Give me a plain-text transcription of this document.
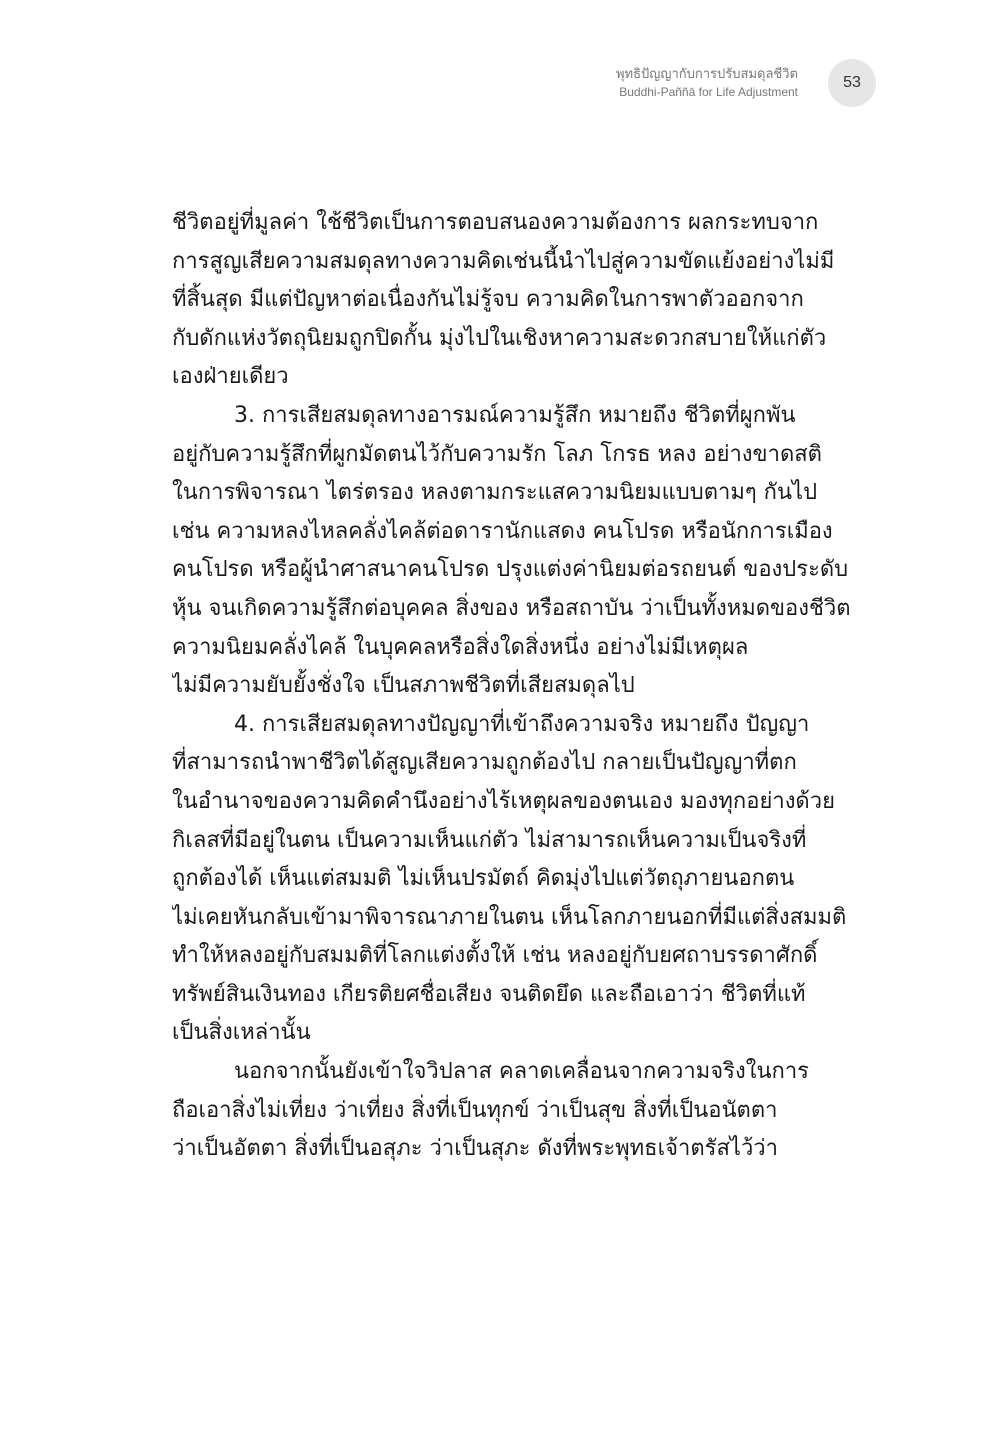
พุทธิปัญญากับการปรับสมดุลชีวิต
Buddhi-Paññā for Life Adjustment
53
ชีวิตอยู่ที่มูลค่า ใช้ชีวิตเป็นการตอบสนองความต้องการ ผลกระทบจาก
การสูญเสียความสมดุลทางความคิดเช่นนี้นำไปสู่ความขัดแย้งอย่างไม่มี
ที่สิ้นสุด มีแต่ปัญหาต่อเนื่องกันไม่รู้จบ ความคิดในการพาตัวออกจาก
กับดักแห่งวัตถุนิยมถูกปิดกั้น มุ่งไปในเชิงหาความสะดวกสบายให้แก่ตัว
เองฝ่ายเดียว
3. การเสียสมดุลทางอารมณ์ความรู้สึก หมายถึง ชีวิตที่ผูกพัน
อยู่กับความรู้สึกที่ผูกมัดตนไว้กับความรัก โลภ โกรธ หลง อย่างขาดสติ
ในการพิจารณา ไตร่ตรอง หลงตามกระแสความนิยมแบบตามๆ กันไป
เช่น ความหลงไหลคลั่งไคล้ต่อดารานักแสดง คนโปรด หรือนักการเมือง
คนโปรด หรือผู้นำศาสนาคนโปรด ปรุงแต่งค่านิยมต่อรถยนต์ ของประดับ
หุ้น จนเกิดความรู้สึกต่อบุคคล สิ่งของ หรือสถาบัน ว่าเป็นทั้งหมดของชีวิต
ความนิยมคลั่งไคล้ ในบุคคลหรือสิ่งใดสิ่งหนึ่ง อย่างไม่มีเหตุผล
ไม่มีความยับยั้งชั่งใจ เป็นสภาพชีวิตที่เสียสมดุลไป
4. การเสียสมดุลทางปัญญาที่เข้าถึงความจริง หมายถึง ปัญญา
ที่สามารถนำพาชีวิตได้สูญเสียความถูกต้องไป กลายเป็นปัญญาที่ตก
ในอำนาจของความคิดคำนึงอย่างไร้เหตุผลของตนเอง มองทุกอย่างด้วย
กิเลสที่มีอยู่ในตน เป็นความเห็นแก่ตัว ไม่สามารถเห็นความเป็นจริงที่
ถูกต้องได้ เห็นแต่สมมติ ไม่เห็นปรมัตถ์ คิดมุ่งไปแต่วัตถุภายนอกตน
ไม่เคยหันกลับเข้ามาพิจารณาภายในตน เห็นโลกภายนอกที่มีแต่สิ่งสมมติ
ทำให้หลงอยู่กับสมมติที่โลกแต่งตั้งให้ เช่น หลงอยู่กับยศถาบรรดาศักดิ์
ทรัพย์สินเงินทอง เกียรติยศชื่อเสียง จนติดยึด และถือเอาว่า ชีวิตที่แท้
เป็นสิ่งเหล่านั้น
นอกจากนั้นยังเข้าใจวิปลาส คลาดเคลื่อนจากความจริงในการ
ถือเอาสิ่งไม่เที่ยง ว่าเที่ยง สิ่งที่เป็นทุกข์ ว่าเป็นสุข สิ่งที่เป็นอนัตตา
ว่าเป็นอัตตา สิ่งที่เป็นอสุภะ ว่าเป็นสุภะ ดังที่พระพุทธเจ้าตรัสไว้ว่า
